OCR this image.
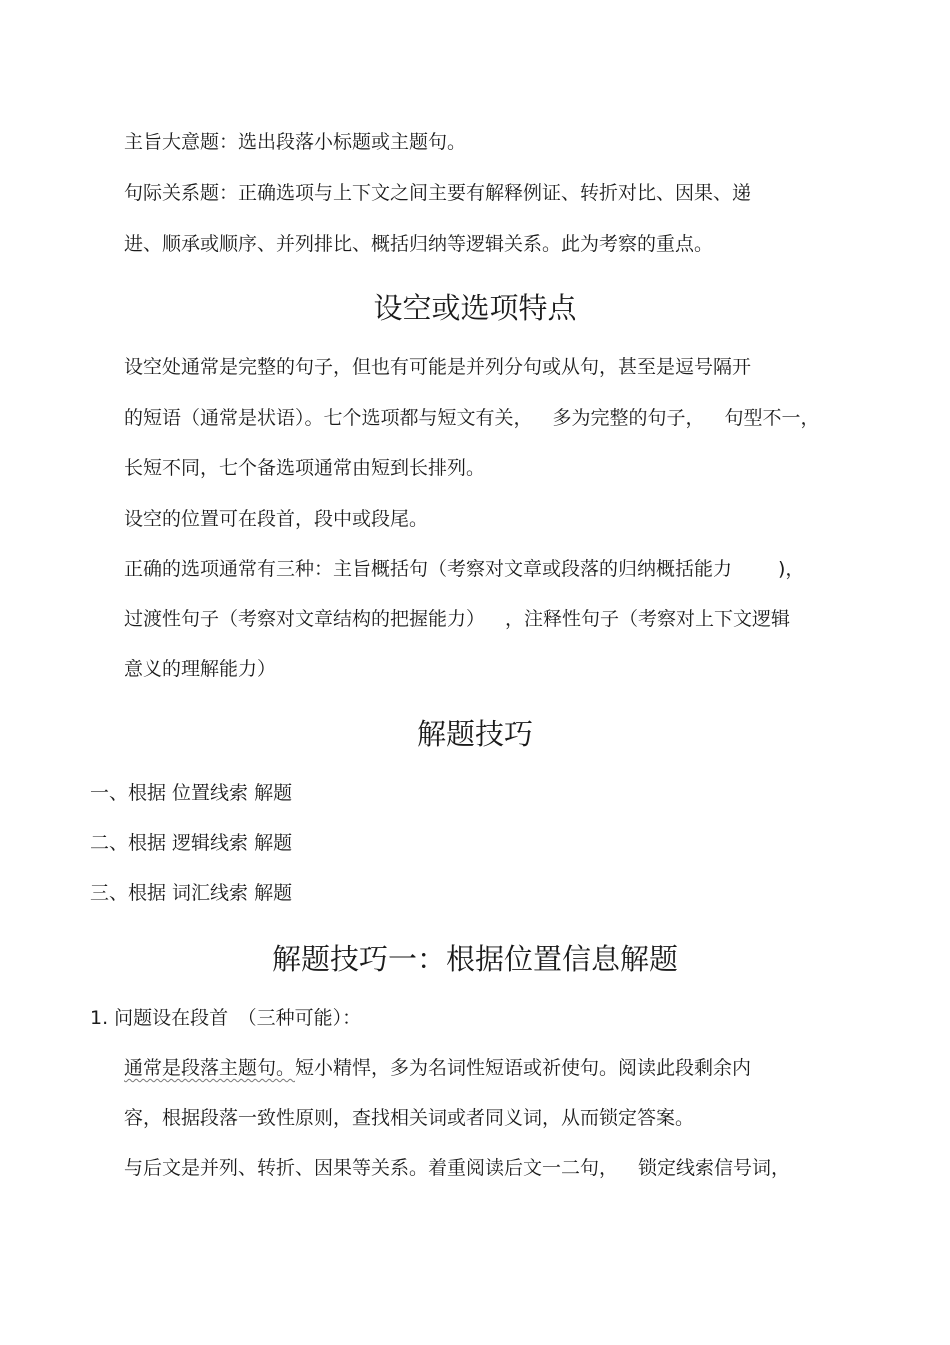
主旨大意题：选出段落小标题或主题句。
句际关系题：正确选项与上下文之间主要有解释例证、转折对比、因果、递
进、顺承或顺序、并列排比、概括归纳等逻辑关系。此为考察的重点。
设空或选项特点
设空处通常是完整的句子，但也有可能是并列分句或从句，甚至是逗号隔开
的短语（通常是状语）。七个选项都与短文有关， 多为完整的句子， 句型不一，
长短不同，七个备选项通常由短到长排列。
设空的位置可在段首，段中或段尾。
正确的选项通常有三种：主旨概括句（考察对文章或段落的归纳概括能力 )，
过渡性句子（考察对文章结构的把握能力） ，注释性句子（考察对上下文逻辑
意义的理解能力）
解题技巧
一、根据 位置线索 解题
二、根据 逻辑线索 解题
三、根据 词汇线索 解题
解题技巧一：根据位置信息解题
1. 问题设在段首　（三种可能）：
通常是段落主题句。短小精悍，多为名词性短语或祈使句。阅读此段剩余内
容，根据段落一致性原则，查找相关词或者同义词，从而锁定答案。
与后文是并列、转折、因果等关系。着重阅读后文一二句， 锁定线索信号词，
